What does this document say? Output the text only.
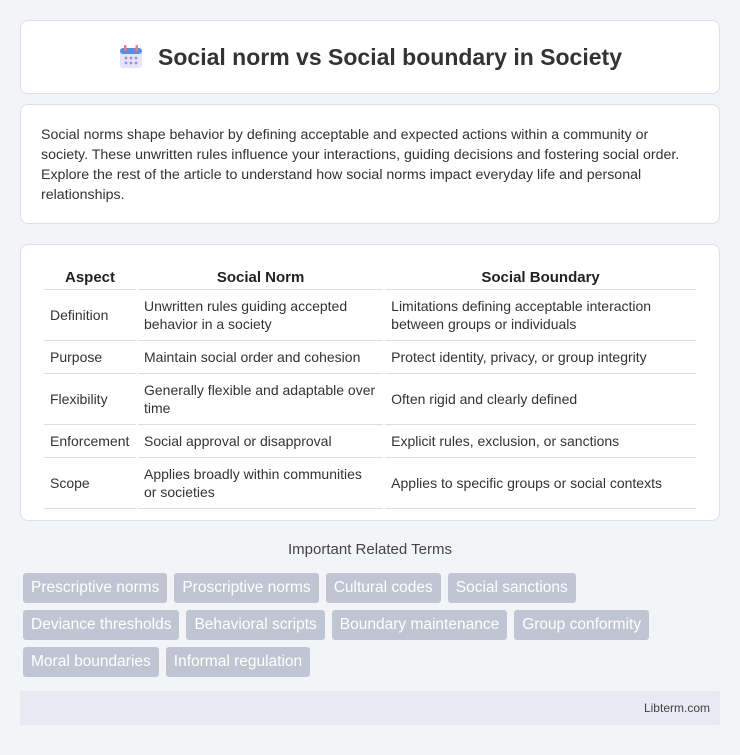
Social norm vs Social boundary in Society

Social norms shape behavior by defining acceptable and expected actions within a community or society. These unwritten rules influence your interactions, guiding decisions and fostering social order. Explore the rest of the article to understand how social norms impact everyday life and personal relationships.

Aspect	Social Norm	Social Boundary
Definition	Unwritten rules guiding accepted behavior in a society	Limitations defining acceptable interaction between groups or individuals
Purpose	Maintain social order and cohesion	Protect identity, privacy, or group integrity
Flexibility	Generally flexible and adaptable over time	Often rigid and clearly defined
Enforcement	Social approval or disapproval	Explicit rules, exclusion, or sanctions
Scope	Applies broadly within communities or societies	Applies to specific groups or social contexts
Important Related Terms
Prescriptive norms	Proscriptive norms	Cultural codes	Social sanctions
Deviance thresholds	Behavioral scripts	Boundary maintenance	Group conformity
Moral boundaries	Informal regulation
Libterm.com
